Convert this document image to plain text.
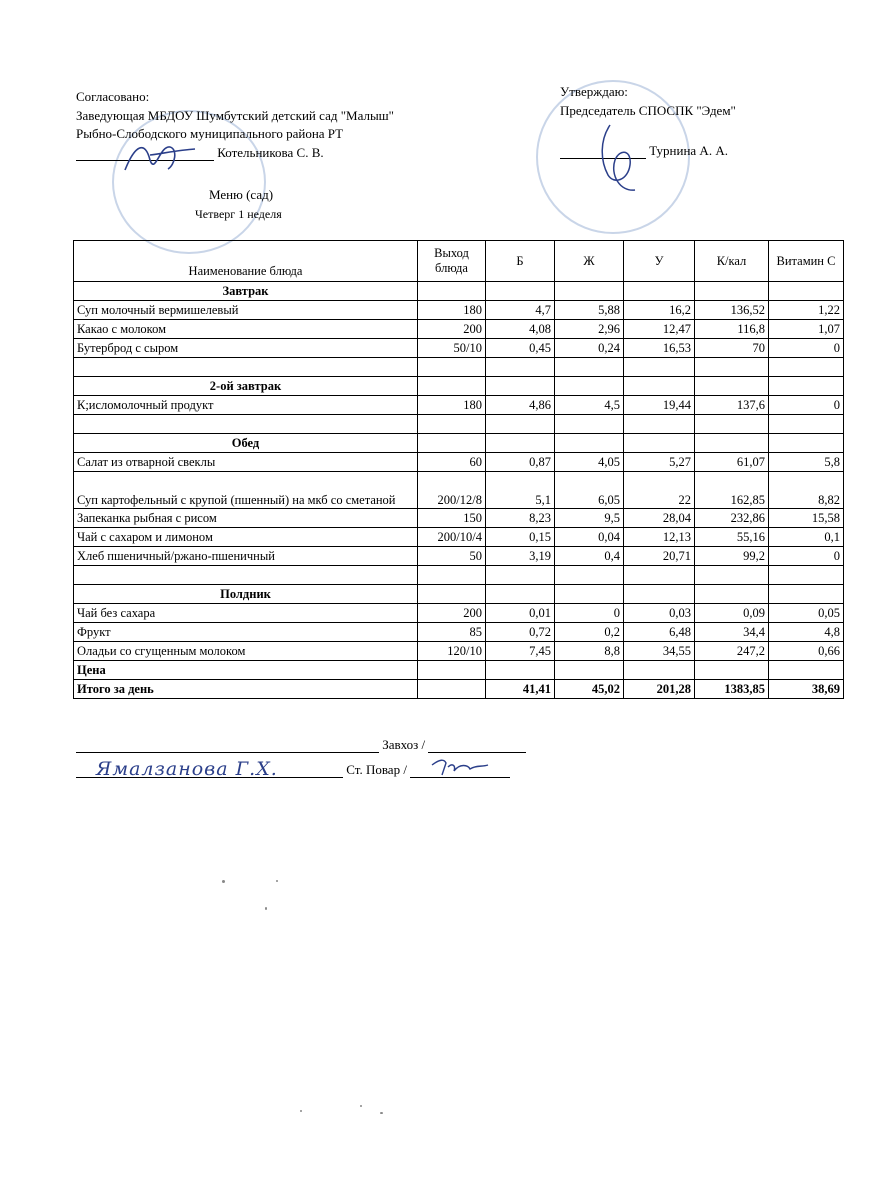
Согласовано:
Заведующая МБДОУ Шумбутский детский сад "Малыш"
Рыбно-Слободского муниципального района РТ
Котельникова С. В.
Утверждаю:
Председатель СПОСПК "Эдем"
Турнина А. А.
Меню (сад)
Четверг 1 неделя
Наименование блюда	Выход блюда	Б	Ж	У	К/кал	Витамин С
Завтрак						
Суп молочный вермишелевый	180	4,7	5,88	16,2	136,52	1,22
Какао с молоком	200	4,08	2,96	12,47	116,8	1,07
Бутерброд с сыром	50/10	0,45	0,24	16,53	70	0

2-ой завтрак						
К;исломолочный продукт	180	4,86	4,5	19,44	137,6	0

Обед						
Салат из отварной свеклы	60	0,87	4,05	5,27	61,07	5,8
Суп картофельный с крупой (пшенный) на мкб со сметаной	200/12/8	5,1	6,05	22	162,85	8,82
Запеканка рыбная с рисом	150	8,23	9,5	28,04	232,86	15,58
Чай с сахаром и лимоном	200/10/4	0,15	0,04	12,13	55,16	0,1
Хлеб пшеничный/ржано-пшеничный	50	3,19	0,4	20,71	99,2	0

Полдник						
Чай без сахара	200	0,01	0	0,03	0,09	0,05
Фрукт	85	0,72	0,2	6,48	34,4	4,8
Оладьи со сгущенным молоком	120/10	7,45	8,8	34,55	247,2	0,66
Цена						
Итого за день		41,41	45,02	201,28	1383,85	38,69
Завхоз /
Ямалзанова Г.Х.	Ст. Повар /
